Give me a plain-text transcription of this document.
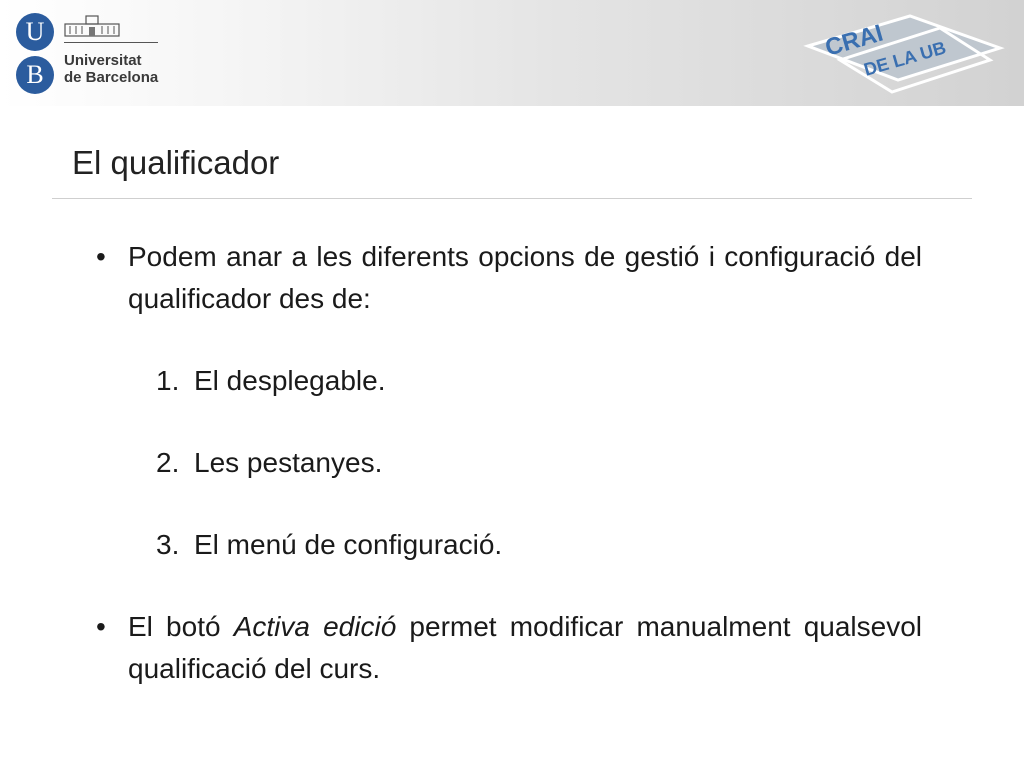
U
B	Universitat
de Barcelona
CRAI
DE LA UB
El qualificador
• Podem anar a les diferents opcions de gestió i configuració del qualificador des de:
1. El desplegable.
2. Les pestanyes.
3. El menú de configuració.
• El botó Activa edició permet modificar manualment qualsevol qualificació del curs.
